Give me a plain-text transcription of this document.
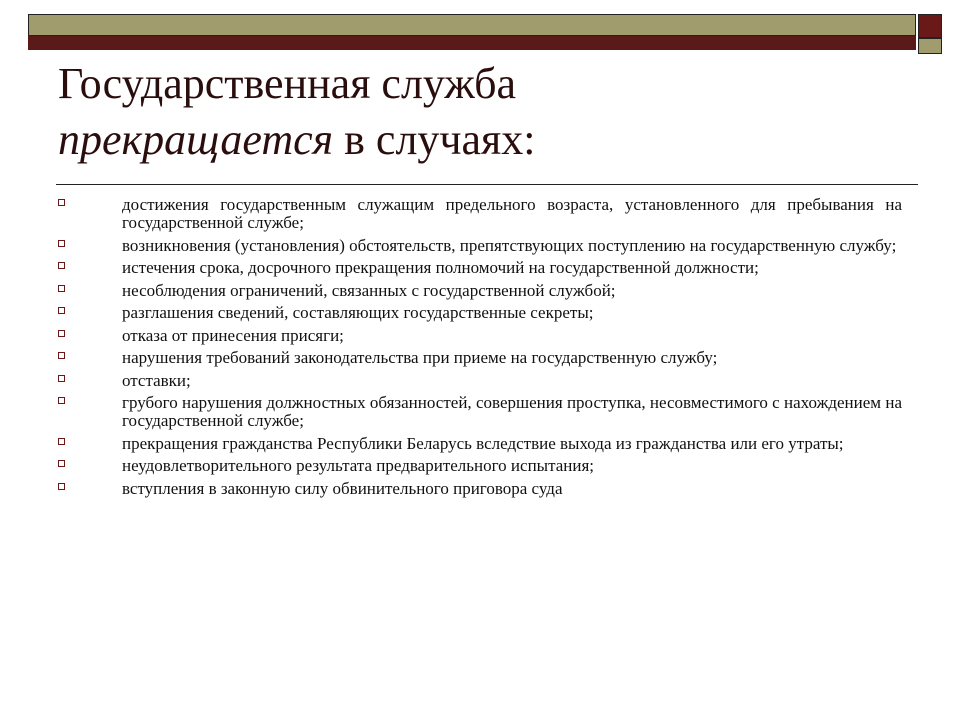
Государственная служба
прекращается в случаях:
достижения государственным служащим предельного возраста, установленного для пребывания на государственной службе;
возникновения (установления) обстоятельств, препятствующих поступлению на государственную службу;
истечения срока, досрочного прекращения полномочий на государственной должности;
несоблюдения ограничений, связанных с государственной службой;
разглашения сведений, составляющих государственные секреты;
отказа от принесения присяги;
нарушения требований законодательства при приеме на государственную службу;
отставки;
грубого нарушения должностных обязанностей, совершения проступка, несовместимого с нахождением на государственной службе;
прекращения гражданства Республики Беларусь вследствие выхода из гражданства или его утраты;
неудовлетворительного результата предварительного испытания;
вступления в законную силу обвинительного приговора суда
